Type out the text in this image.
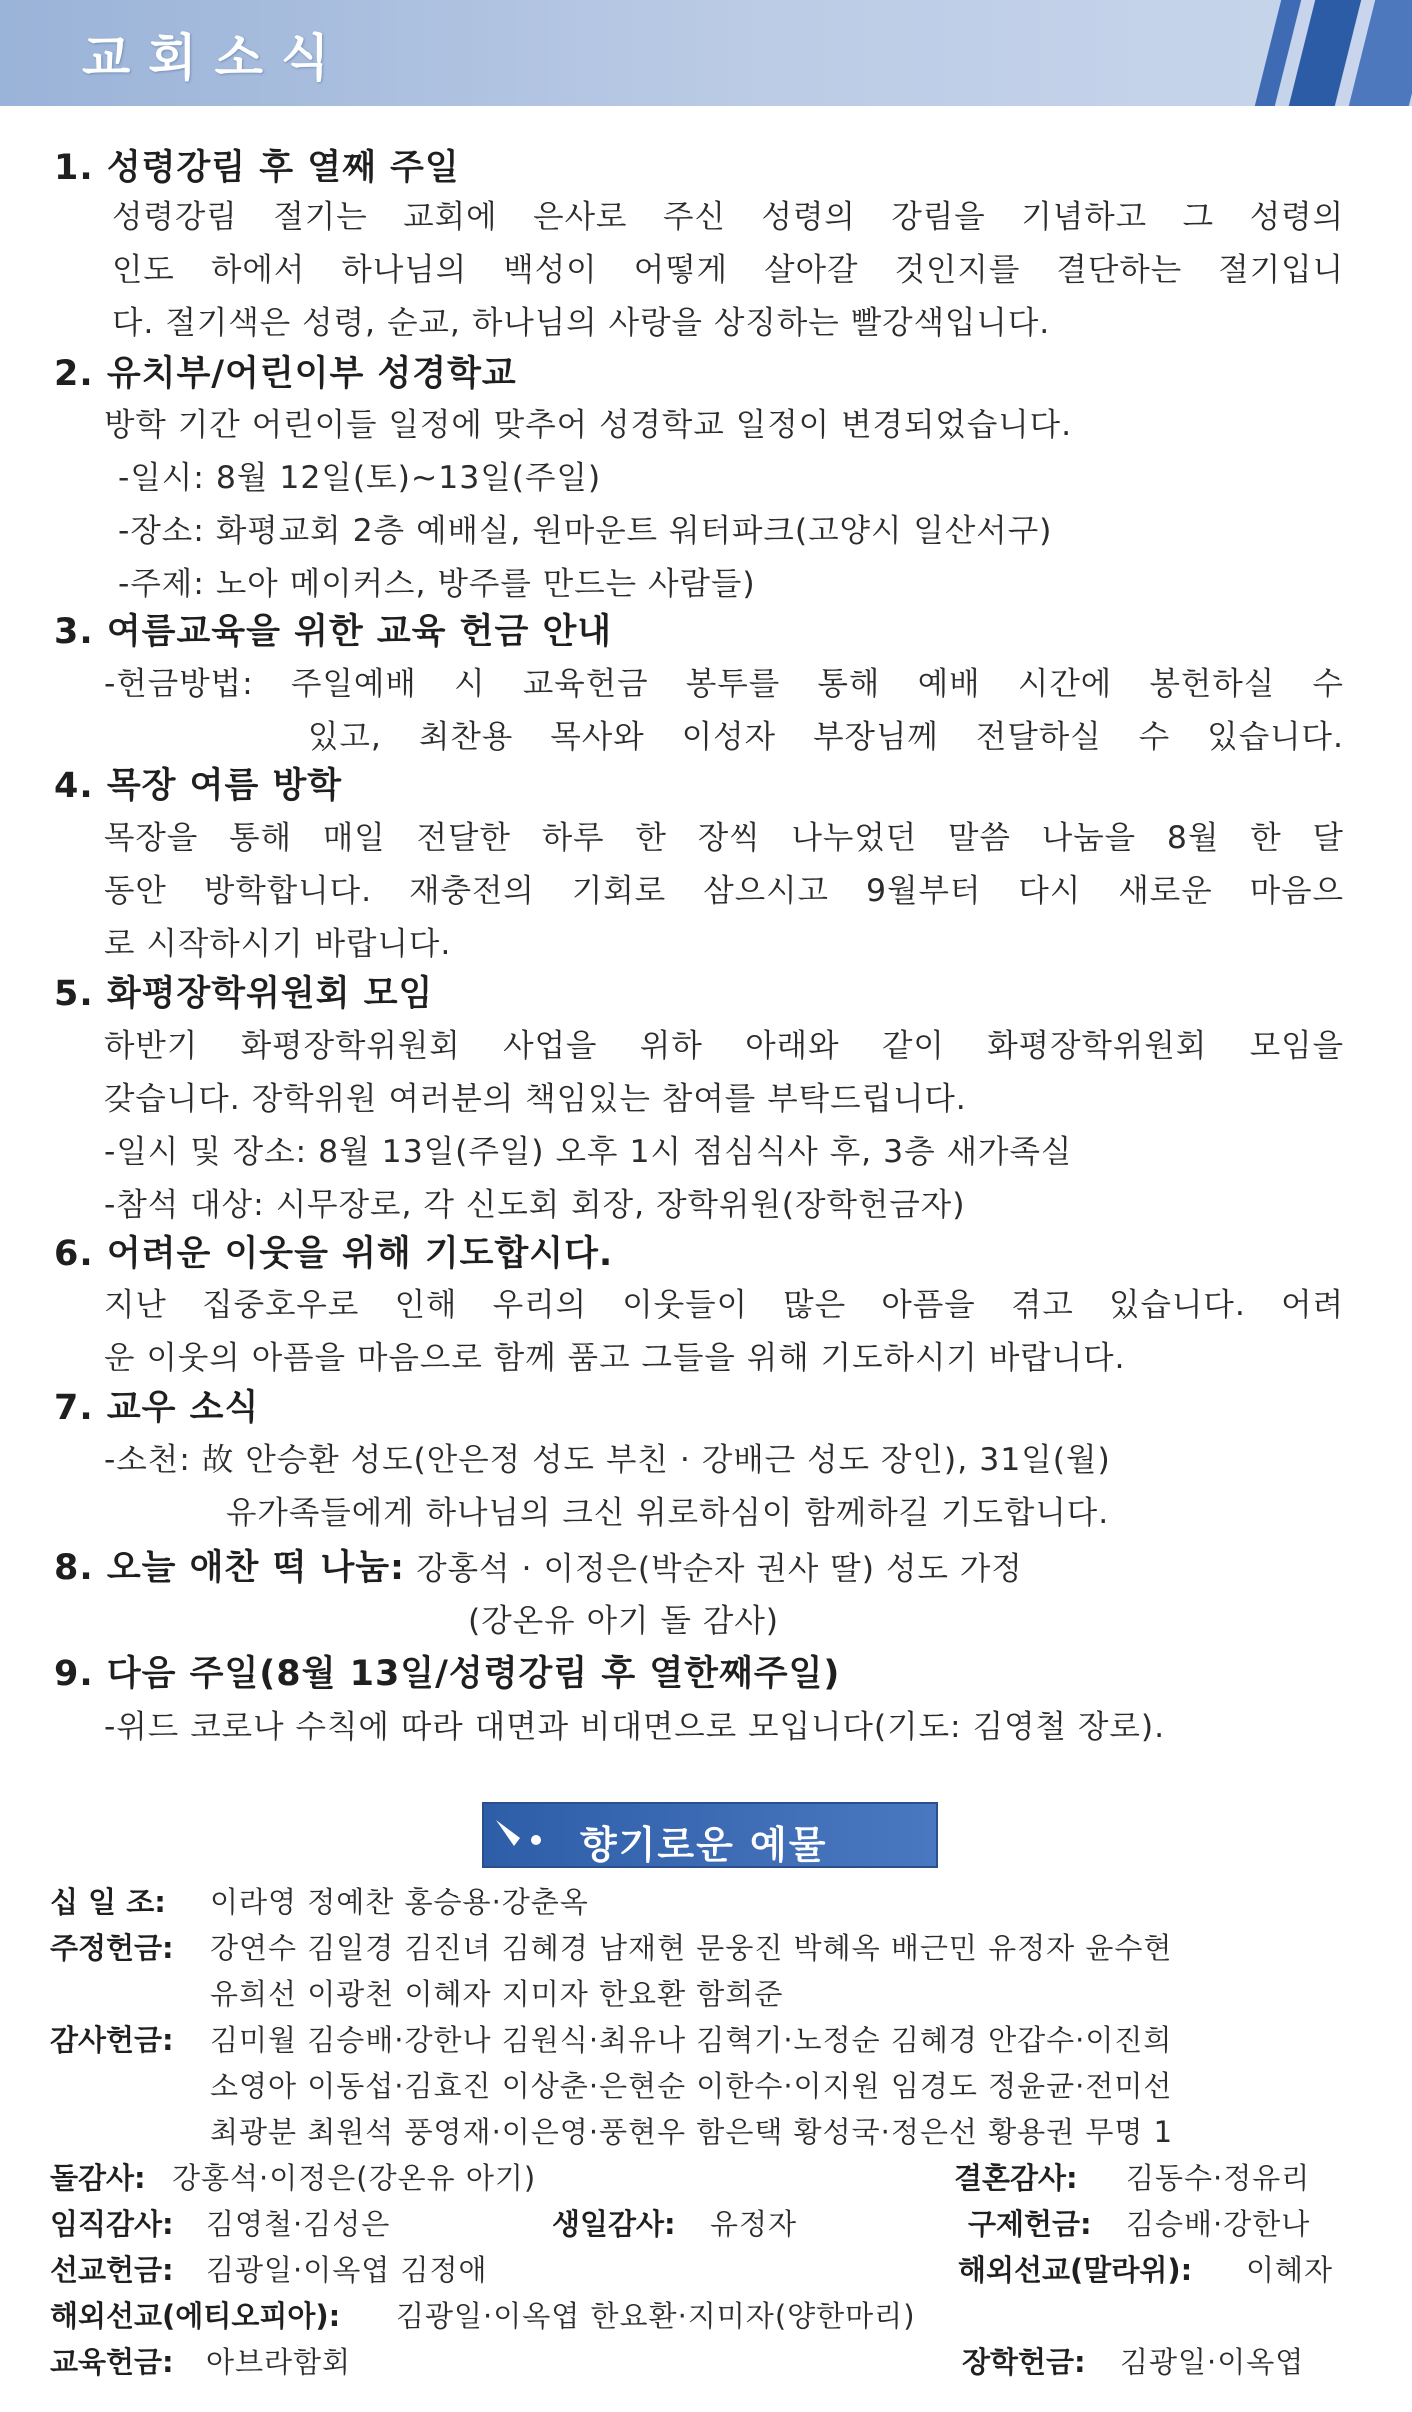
교회소식
1. 성령강림 후 열째 주일
성령강림 절기는 교회에 은사로 주신 성령의 강림을 기념하고 그 성령의
인도 하에서 하나님의 백성이 어떻게 살아갈 것인지를 결단하는 절기입니
다. 절기색은 성령, 순교, 하나님의 사랑을 상징하는 빨강색입니다.
2. 유치부/어린이부 성경학교
방학 기간 어린이들 일정에 맞추어 성경학교 일정이 변경되었습니다.
-일시: 8월 12일(토)~13일(주일)
-장소: 화평교회 2층 예배실, 원마운트 워터파크(고양시 일산서구)
-주제: 노아 메이커스, 방주를 만드는 사람들)
3. 여름교육을 위한 교육 헌금 안내
-헌금방법: 주일예배 시 교육헌금 봉투를 통해 예배 시간에 봉헌하실 수
있고, 최찬용 목사와 이성자 부장님께 전달하실 수 있습니다.
4. 목장 여름 방학
목장을 통해 매일 전달한 하루 한 장씩 나누었던 말씀 나눔을 8월 한 달
동안 방학합니다. 재충전의 기회로 삼으시고 9월부터 다시 새로운 마음으
로 시작하시기 바랍니다.
5. 화평장학위원회 모임
하반기 화평장학위원회 사업을 위하 아래와 같이 화평장학위원회 모임을
갖습니다. 장학위원 여러분의 책임있는 참여를 부탁드립니다.
-일시 및 장소: 8월 13일(주일) 오후 1시 점심식사 후, 3층 새가족실
-참석 대상: 시무장로, 각 신도회 회장, 장학위원(장학헌금자)
6. 어려운 이웃을 위해 기도합시다.
지난 집중호우로 인해 우리의 이웃들이 많은 아픔을 겪고 있습니다. 어려
운 이웃의 아픔을 마음으로 함께 품고 그들을 위해 기도하시기 바랍니다.
7. 교우 소식
-소천: 故 안승환 성도(안은정 성도 부친 · 강배근 성도 장인), 31일(월)
유가족들에게 하나님의 크신 위로하심이 함께하길 기도합니다.
8. 오늘 애찬 떡 나눔: 강홍석 · 이정은(박순자 권사 딸) 성도 가정
(강온유 아기 돌 감사)
9. 다음 주일(8월 13일/성령강림 후 열한째주일)
-위드 코로나 수칙에 따라 대면과 비대면으로 모입니다(기도: 김영철 장로).
향기로운 예물
십 일 조: 이라영 정예찬 홍승용·강춘옥
주정헌금: 강연수 김일경 김진녀 김혜경 남재현 문웅진 박혜옥 배근민 유정자 윤수현
유희선 이광천 이혜자 지미자 한요환 함희준
감사헌금: 김미월 김승배·강한나 김원식·최유나 김혁기·노정순 김혜경 안갑수·이진희
소영아 이동섭·김효진 이상춘·은현순 이한수·이지원 임경도 정윤균·전미선
최광분 최원석 풍영재·이은영·풍현우 함은택 황성국·정은선 황용권 무명 1
돌감사: 강홍석·이정은(강온유 아기)	결혼감사: 김동수·정유리
임직감사: 김영철·김성은	생일감사: 유정자	구제헌금: 김승배·강한나
선교헌금: 김광일·이옥엽 김정애	해외선교(말라위): 이혜자
해외선교(에티오피아): 김광일·이옥엽 한요환·지미자(양한마리)
교육헌금: 아브라함회	장학헌금: 김광일·이옥엽
